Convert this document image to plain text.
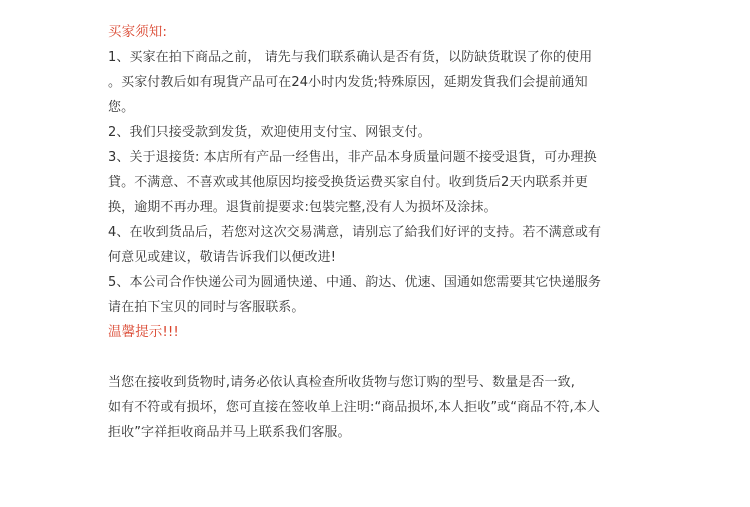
买家须知:
1、买家在拍下商品之前， 请先与我们联系确认是否有货，以防缺货耽误了你的使用
。买家付教后如有現貨产品可在24小时内发货;特殊原因，延期发貨我们会提前通知
您。
2、我们只接受款到发货，欢迎使用支付宝、网银支付。
3、关于退接货: 本店所有产品一经售出，非产品本身质量问题不接受退貨，可办理换
貸。不满意、不喜欢或其他原因均接受换货运费买家自付。收到货后2天内联系并更
换，逾期不再办理。退貨前提要求:包裝完整,没有人为损坏及涂抹。
4、在收到货品后，若您对这次交易满意，请别忘了給我们好评的支持。若不满意或有
何意见或建议，敬请告诉我们以便改进!
5、本公司合作快递公司为圆通快递、中通、韵达、优速、国通如您需要其它快递服务
请在拍下宝贝的同时与客服联系。
温馨提示!!!
当您在接收到货物时,请务必依认真检查所收货物与您订购的型号、数量是否一致,
如有不符或有损坏，您可直接在签收单上注明:“商品损坏,本人拒收”或“商品不符,本人
拒收”字祥拒收商品并马上联系我们客服。
